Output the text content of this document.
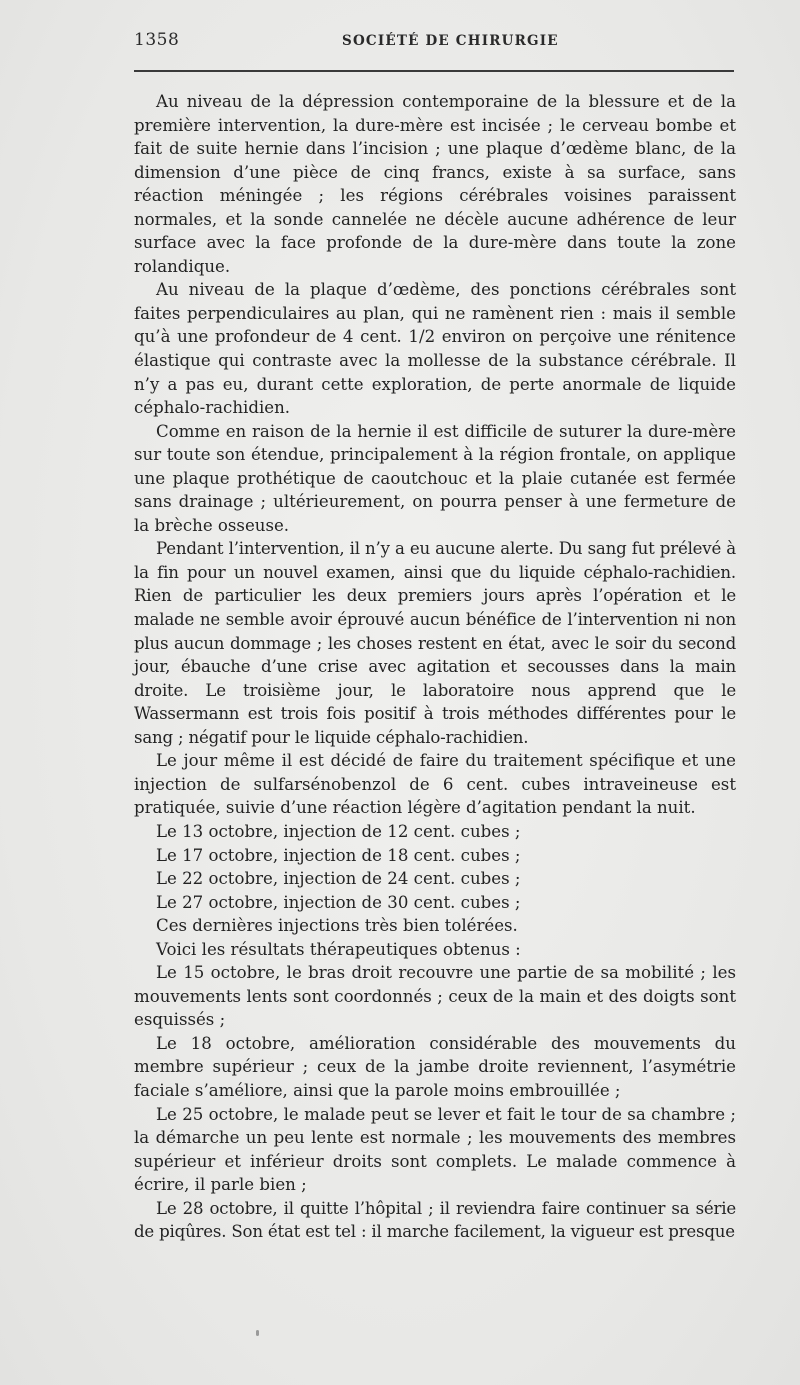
1358	SOCIÉTÉ DE CHIRURGIE

Au niveau de la dépression contemporaine de la blessure et de la première intervention, la dure-mère est incisée ; le cerveau bombe et fait de suite hernie dans l’incision ; une plaque d’œdème blanc, de la dimension d’une pièce de cinq francs, existe à sa surface, sans réaction méningée ; les régions cérébrales voisines paraissent normales, et la sonde cannelée ne décèle aucune adhérence de leur surface avec la face profonde de la dure-mère dans toute la zone rolandique.

Au niveau de la plaque d’œdème, des ponctions cérébrales sont faites perpendiculaires au plan, qui ne ramènent rien : mais il semble qu’à une profondeur de 4 cent. 1/2 environ on perçoive une rénitence élastique qui contraste avec la mollesse de la substance cérébrale. Il n’y a pas eu, durant cette exploration, de perte anormale de liquide céphalo-rachidien.

Comme en raison de la hernie il est difficile de suturer la dure-mère sur toute son étendue, principalement à la région frontale, on applique une plaque prothétique de caoutchouc et la plaie cutanée est fermée sans drainage ; ultérieurement, on pourra penser à une fermeture de la brèche osseuse.

Pendant l’intervention, il n’y a eu aucune alerte. Du sang fut prélevé à la fin pour un nouvel examen, ainsi que du liquide céphalo-rachidien. Rien de particulier les deux premiers jours après l’opération et le malade ne semble avoir éprouvé aucun bénéfice de l’intervention ni non plus aucun dommage ; les choses restent en état, avec le soir du second jour, ébauche d’une crise avec agitation et secousses dans la main droite. Le troisième jour, le laboratoire nous apprend que le Wassermann est trois fois positif à trois méthodes différentes pour le sang ; négatif pour le liquide céphalo-rachidien.

Le jour même il est décidé de faire du traitement spécifique et une injection de sulfarsénobenzol de 6 cent. cubes intraveineuse est pratiquée, suivie d’une réaction légère d’agitation pendant la nuit.

Le 13 octobre, injection de 12 cent. cubes ;

Le 17 octobre, injection de 18 cent. cubes ;

Le 22 octobre, injection de 24 cent. cubes ;

Le 27 octobre, injection de 30 cent. cubes ;

Ces dernières injections très bien tolérées.

Voici les résultats thérapeutiques obtenus :

Le 15 octobre, le bras droit recouvre une partie de sa mobilité ; les mouvements lents sont coordonnés ; ceux de la main et des doigts sont esquissés ;

Le 18 octobre, amélioration considérable des mouvements du membre supérieur ; ceux de la jambe droite reviennent, l’asymétrie faciale s’améliore, ainsi que la parole moins embrouillée ;

Le 25 octobre, le malade peut se lever et fait le tour de sa chambre ; la démarche un peu lente est normale ; les mouvements des membres supérieur et inférieur droits sont complets. Le malade commence à écrire, il parle bien ;

Le 28 octobre, il quitte l’hôpital ; il reviendra faire continuer sa série de piqûres. Son état est tel : il marche facilement, la vigueur est presque
